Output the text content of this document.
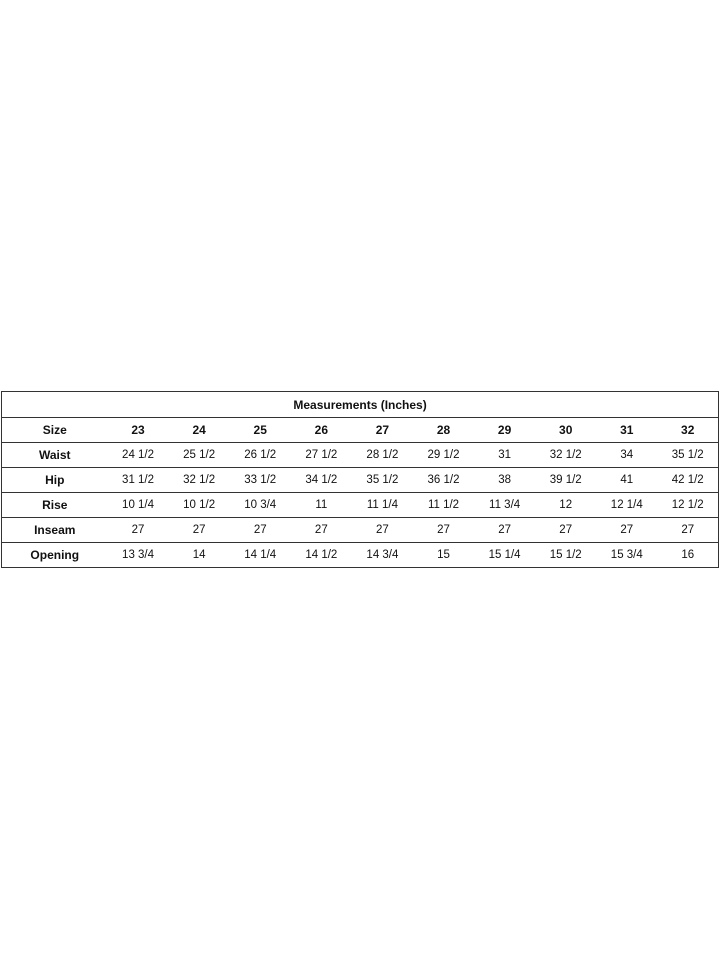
Measurements (Inches)										
Size	23	24	25	26	27	28	29	30	31	32
Waist	24 1/2	25 1/2	26 1/2	27 1/2	28 1/2	29 1/2	31	32 1/2	34	35 1/2
Hip	31 1/2	32 1/2	33 1/2	34 1/2	35 1/2	36 1/2	38	39 1/2	41	42 1/2
Rise	10 1/4	10 1/2	10 3/4	11	11 1/4	11 1/2	11 3/4	12	12 1/4	12 1/2
Inseam	27	27	27	27	27	27	27	27	27	27
Opening	13 3/4	14	14 1/4	14 1/2	14 3/4	15	15 1/4	15 1/2	15 3/4	16
